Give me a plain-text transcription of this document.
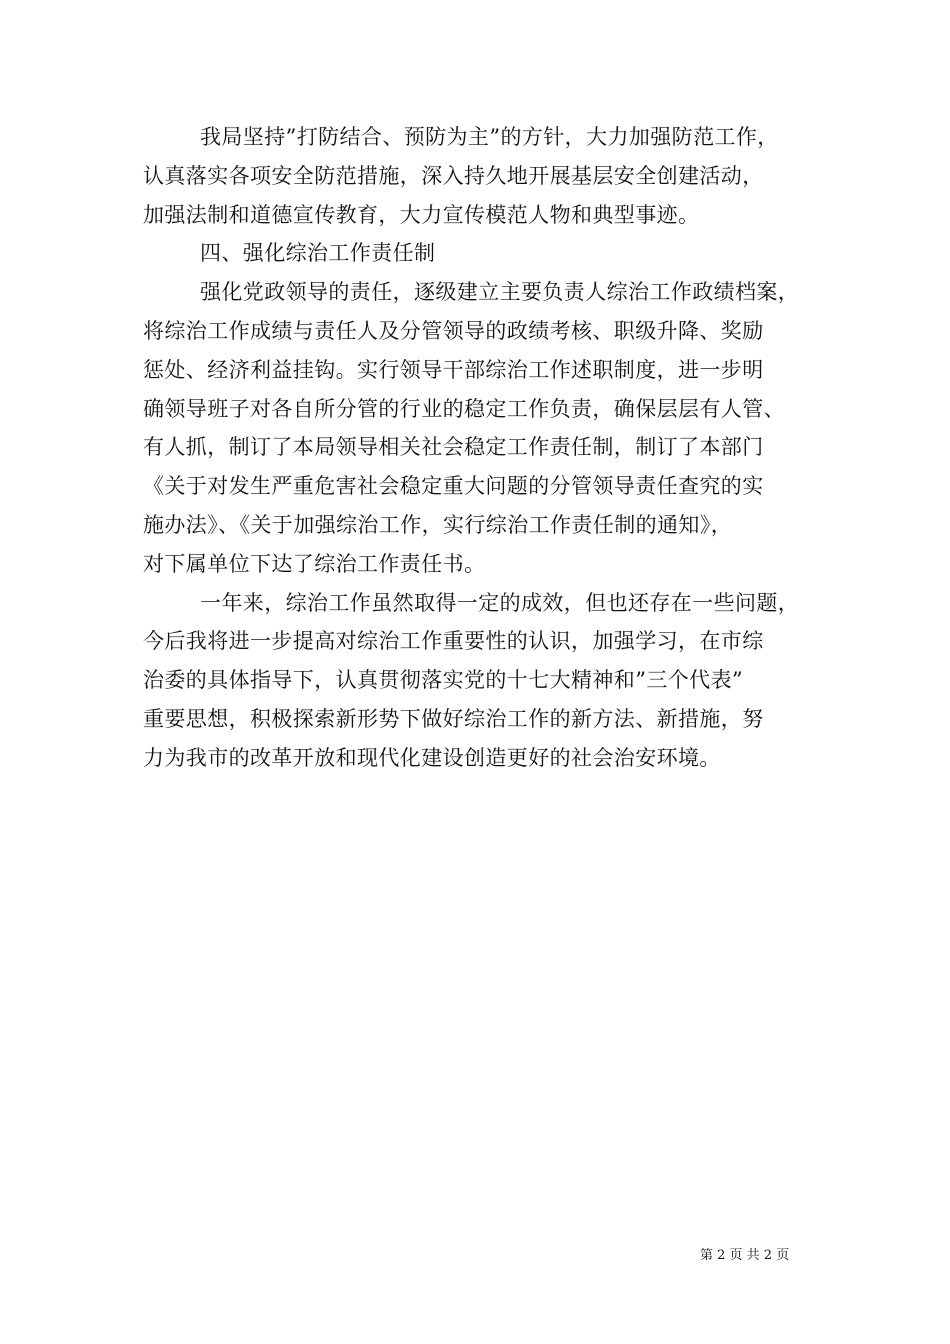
我局坚持”打防结合、预防为主”的方针，大力加强防范工作，
认真落实各项安全防范措施，深入持久地开展基层安全创建活动，
加强法制和道德宣传教育，大力宣传模范人物和典型事迹。
四、强化综治工作责任制
强化党政领导的责任，逐级建立主要负责人综治工作政绩档案，
将综治工作成绩与责任人及分管领导的政绩考核、职级升降、奖励
惩处、经济利益挂钩。实行领导干部综治工作述职制度，进一步明
确领导班子对各自所分管的行业的稳定工作负责，确保层层有人管、
有人抓，制订了本局领导相关社会稳定工作责任制，制订了本部门
《关于对发生严重危害社会稳定重大问题的分管领导责任查究的实
施办法》、《关于加强综治工作，实行综治工作责任制的通知》，
对下属单位下达了综治工作责任书。
一年来，综治工作虽然取得一定的成效，但也还存在一些问题，
今后我将进一步提高对综治工作重要性的认识，加强学习，在市综
治委的具体指导下，认真贯彻落实党的十七大精神和”三个代表”
重要思想，积极探索新形势下做好综治工作的新方法、新措施，努
力为我市的改革开放和现代化建设创造更好的社会治安环境。
第 2 页 共 2 页
